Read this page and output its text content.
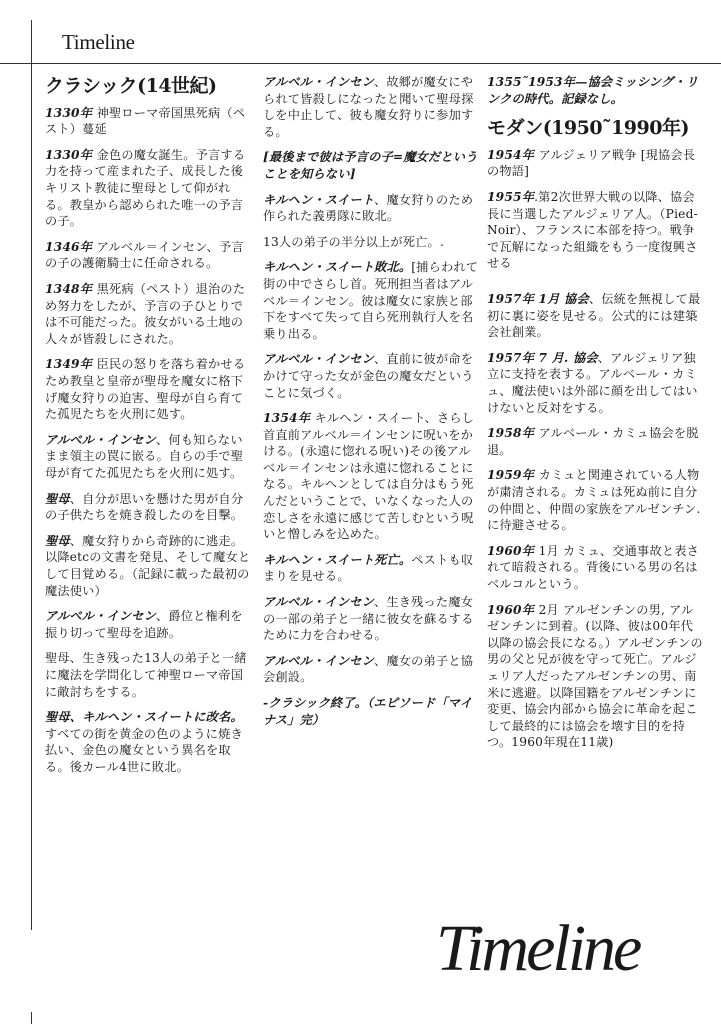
Timeline
クラシック(14世紀)
1330年 神聖ローマ帝国黒死病（ペスト）蔓延
1330年 金色の魔女誕生。予言する力を持って産まれた子、成長した後キリスト教徒に聖母として仰がれる。教皇から認められた唯一の予言の子。
1346年 アルベル＝インセン、予言の子の護衛騎士に任命される。
1348年 黒死病（ペスト）退治のため努力をしたが、予言の子ひとりでは不可能だった。彼女がいる土地の人々が皆殺しにされた。
1349年 臣民の怒りを落ち着かせるため教皇と皇帝が聖母を魔女に格下げ魔女狩りの迫害、聖母が自ら育てた孤児たちを火刑に処す。
アルベル・インセン、何も知らないまま領主の罠に嵌る。自らの手で聖母が育てた孤児たちを火刑に処す。
聖母、自分が思いを懸けた男が自分の子供たちを焼き殺したのを目撃。
聖母、魔女狩りから奇跡的に逃走。以降etcの文書を発見、そして魔女として目覚める。（記録に載った最初の魔法使い）
アルベル・インセン、爵位と権利を振り切って聖母を追跡。
聖母、生き残った13人の弟子と一緒に魔法を学問化して神聖ローマ帝国に敵討ちをする。
聖母、キルヘン・スイートに改名。すべての街を黄金の色のように焼き払い、金色の魔女という異名を取る。後カール4世に敗北。
アルベル・インセン、故郷が魔女にやられて皆殺しになったと聞いて聖母探しを中止して、彼も魔女狩りに参加する。
[最後まで彼は予言の子=魔女だということを知らない]
キルヘン・スイート、魔女狩りのため作られた義勇隊に敗北。
13人の弟子の半分以上が死亡。.
キルヘン・スイート敗北。[捕らわれて街の中でさらし首。死刑担当者はアルベル＝インセン。彼は魔女に家族と部下をすべて失って自ら死刑執行人を名乗り出る。
アルベル・インセン、直前に彼が命をかけて守った女が金色の魔女だということに気づく。
1354年 キルヘン・スイート、さらし首直前アルベル＝インセンに呪いをかける。(永遠に惚れる呪い)その後アルベル＝インセンは永遠に惚れることになる。キルヘンとしては自分はもう死んだということで、いなくなった人の恋しさを永遠に感じて苦しむという呪いと憎しみを込めた。
キルヘン・スイート死亡。ペストも収まりを見せる。
アルベル・インセン、生き残った魔女の一部の弟子と一緒に彼女を蘇るするために力を合わせる。
アルベル・インセン、魔女の弟子と協会創設。
-クラシック終了。（エピソード「マイナス」完）
1355˜1953年—協会ミッシング・リンクの時代。記録なし。
モダン(1950˜1990年)
1954年 アルジェリア戦争 [現協会長の物語]
1955年.第2次世界大戦の以降、協会長に当選したアルジェリア人。（Pied-Noir）、フランスに本部を持つ。戦争で瓦解になった組織をもう一度復興させる
1957年 1月 協会、伝統を無視して最初に裏に姿を見せる。公式的には建築会社創業。
1957年 7 月. 協会、アルジェリア独立に支持を表する。アルベール・カミュ、魔法使いは外部に顔を出してはいけないと反対をする。
1958年 アルベール・カミュ協会を脱退。
1959年 カミュと関連されている人物が粛清される。カミュは死ぬ前に自分の仲間と、仲間の家族をアルゼンチン.に待避させる。
1960年 1月 カミュ、交通事故と表されて暗殺される。背後にいる男の名はベルコルという。
1960年 2月 アルゼンチンの男, アルゼンチンに到着。(以降、彼は00年代以降の協会長になる。）アルゼンチンの男の父と兄が彼を守って死亡。アルジェリア人だったアルゼンチンの男、南米に逃避。以降国籍をアルゼンチンに変更、協会内部から協会に革命を起こして最終的には協会を壊す目的を持つ。1960年現在11歳)
Timeline
